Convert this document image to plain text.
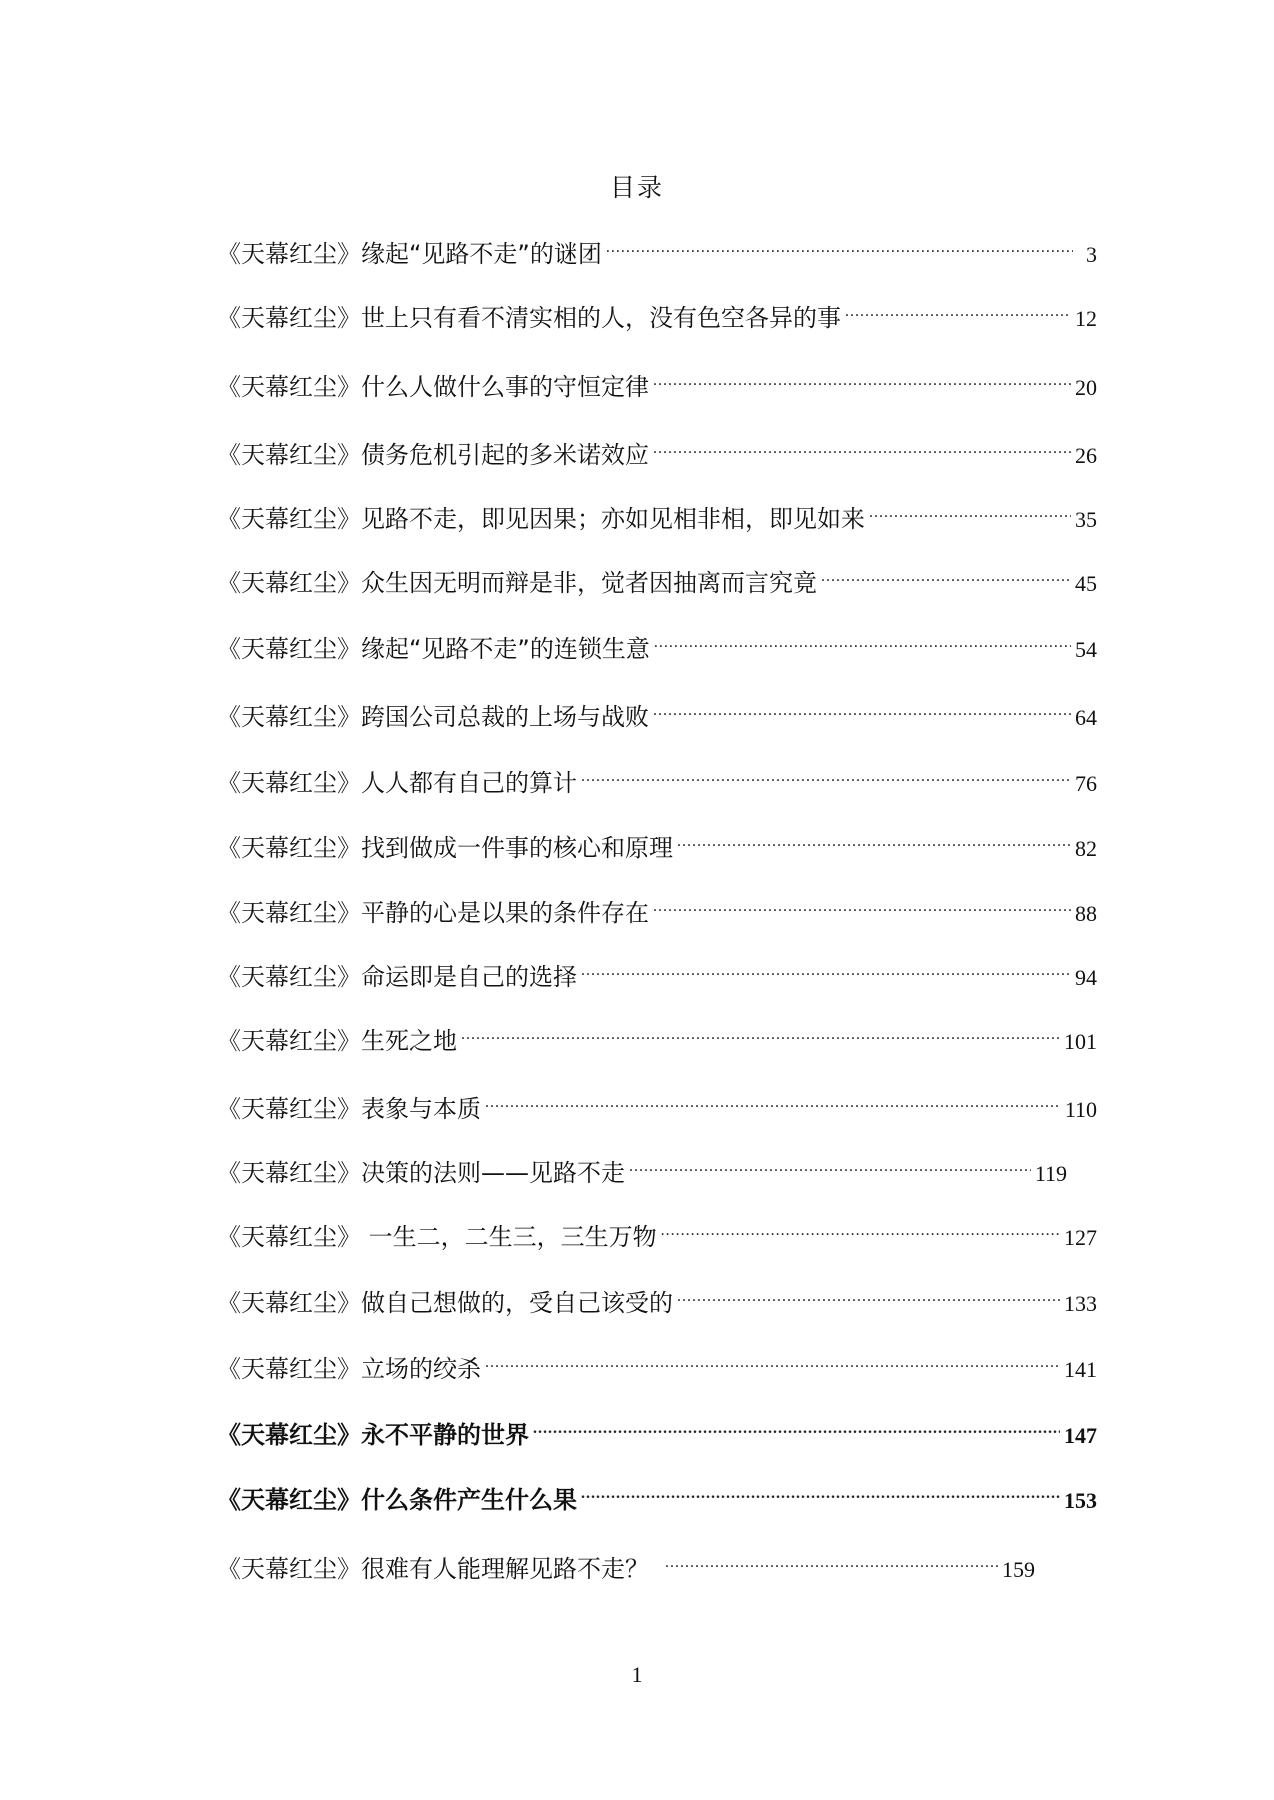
目录
《天幕红尘》缘起“见路不走”的谜团 . . .	3
《天幕红尘》世上只有看不清实相的人，没有色空各异的事 . . .	12
《天幕红尘》什么人做什么事的守恒定律 . . .	20
《天幕红尘》债务危机引起的多米诺效应 . . .	26
《天幕红尘》见路不走，即见因果；亦如见相非相，即见如来 . . .	35
《天幕红尘》众生因无明而辩是非，觉者因抽离而言究竟 . . .	45
《天幕红尘》缘起“见路不走”的连锁生意 . . .	54
《天幕红尘》跨国公司总裁的上场与战败 . . .	64
《天幕红尘》人人都有自己的算计 . . .	76
《天幕红尘》找到做成一件事的核心和原理 . . .	82
《天幕红尘》平静的心是以果的条件存在 . . .	88
《天幕红尘》命运即是自己的选择 . . .	94
《天幕红尘》生死之地 . . .	101
《天幕红尘》表象与本质 . . .	110
《天幕红尘》决策的法则——见路不走 . . .	119
《天幕红尘》 一生二，二生三，三生万物 . . .	127
《天幕红尘》做自己想做的，受自己该受的 . . .	133
《天幕红尘》立场的绞杀 . . .	141
《天幕红尘》永不平静的世界 . . .	147
《天幕红尘》什么条件产生什么果 . . .	153
《天幕红尘》很难有人能理解见路不走？ . . .	159
1
